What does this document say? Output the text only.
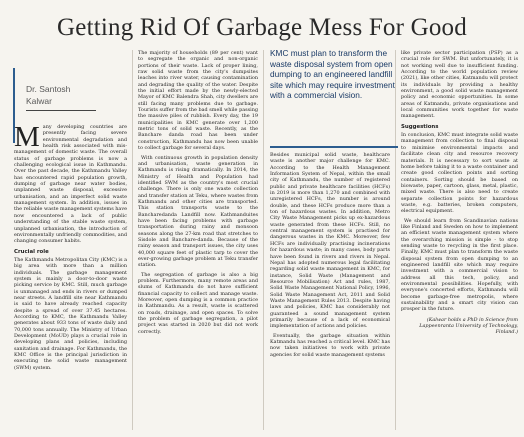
Getting Rid Of Garbage Mess For Good
Dr. Santosh
Kalwar

Many developing countries are presently facing severe environmental degradation and health risk associated with mis-management of domestic waste. The overall status of garbage problems is now a challenging ecological issue in Kathmandu. Over the past decade, the Kathmandu Valley has encountered rapid population growth, dumping of garbage near water bodies, unplanned waste disposal, excessive urbanisation, and an imperfect solid waste management system. In addition, issues in the reliable waste management systems have now encountered a lack of public understanding of the stable waste system, unplanned urbanisation, the introduction of environmentally unfriendly commodities, and changing consumer habits.

Crucial role

The Kathmandu Metropolitan City (KMC) is a big area with more than a million individuals. The garbage management system is mainly a door-to-door waste picking service by KMC. Still, much garbage is unmanaged and ends in rivers or dumped near streets. A landfill site near Kathmandu is said to have already reached capacity despite a spread of over 37.45 hectares. According to KMC, the Kathmandu Valley generates about 933 tons of waste daily and 70,000 tons annually. The Ministry of Urban Development (MoUD) plays a crucial role in developing plans and policies, including sanitation and drainage. For Kathmandu, the KMC Office is the principal jurisdiction in executing the solid waste management (SWM) system.

The majority of households (89 per cent) want to segregate the organic and non-organic portions of their waste. Lack of proper lining, raw solid waste from the city's dumpsites leaches into river water, causing contamination and degrading the quality of the water. Despite the initial effort made by the newly-elected Mayor of KMC Balendra Shah, city dwellers are still facing many problems due to garbage. Tourists suffer from the bad smell while passing the massive piles of rubbish. Every day, the 19 municipalities in KMC generate over 1,200 metric tons of solid waste. Recently, as the Banchare danda road has been under construction, Kathmandu has now been unable to collect garbage for several days.

With continuous growth in population density and urbanisation, waste generation in Kathmandu is rising dramatically. In 2014, the Ministry of Health and Population had identified SWM as the country's most crucial challenge. There is only one waste collection and transfer station at Teku, where wastes from Kathmandu and other cities are transported. This station transports waste to the Bancharedanda Landfill now. Kathmanduites have been facing problems with garbage transportation during rainy and monsoon seasons along the 27-km road that stretches to Sisdole and Banchare-danda. Because of the rainy season and transport issues, the city uses 40,000 square feet of plastic tarp to cover the ever-growing garbage problem at Teku transfer station.

The segregation of garbage is also a big problem. Furthermore, many remote areas and slums of Kathmandu do not have sufficient financial capacity to collect and manage waste. Moreover, open dumping is a common practice in Kathmandu. As a result, waste is scattered on roads, drainage, and open spaces. To solve the problem of garbage segregation, a pilot project was started in 2020 but did not work correctly.

KMC must plan to transform the waste disposal system from open dumping to an engineered landfill site which may require investment with a commercial vision.

Besides municipal solid waste, healthcare waste is another major challenge for KMC. According to the Health Management Information System of Nepal, within the small city of Kathmandu, the number of registered public and private healthcare facilities (HCFs) in 2019 is more than 1,270 and combined with unregistered HCFs, the number is around double, and these HCFs produce more than a ton of hazardous wastes. In addition, Metro City Waste Management picks up ex-hazardous waste generated from these HCFs. Still, no central management system is practised for dangerous wastes in the KMC. Moreover, few HCFs are individually practising incinerations for hazardous waste; in many cases, body parts have been found in rivers and rivers in Nepal. Nepal has adopted numerous legal facilitating regarding solid waste management in KMC, for instance, Solid Waste (Management and Resource Mobilisation) Act and rules, 1987, Solid Waste Management National Policy, 1996, Solid Waste Management Act, 2011 and Solid Waste Management Rules 2013. Despite having laws and policies, KMC has considerably not guaranteed a sound management system primarily because of a lack of economical implementation of actions and policies.

Eventually, the garbage situation within Katmandu has reached a critical level. KMC has now taken initiatives to work with private agencies for solid waste management systems

like private sector participation (PSP) as a crucial role for SWM. But unfortunately, it is not working well due to insufficient funding. According to the world population review (2021), like other cities, Katmandu will protect its individuals by providing a healthy environment, a good solid waste management policy and economic opportunities. In some areas of Katmandu, private organisations and local communities work together for waste management.

Suggestions

In conclusion, KMC must integrate solid waste management from collection to final disposal to minimise environmental impacts and facilitate clean city and resource recovery materials. It is necessary to sort waste at home before taking it to a waste container and create good collection points and sorting containers. Sorting should be based on biowaste, paper, cartoon, glass, metal, plastic, mixed waste. There is also need to create separate collection points for hazardous waste, e.g. batteries, broken computers, electrical equipment.

We should learn from Scandinavian nations like Finland and Sweden on how to implement an efficient waste management system where the overarching mission is simple - to stop sending waste to recycling in the first place. Finally, KMC must plan to transform the waste disposal system from open dumping to an engineered landfill site which may require investment with a commercial vision to address all this tech, policy, and environmental possibilities. Hopefully, with everyone's concerted efforts, Kathmandu will become garbage-free metropolis, where sustainability and a smart city vision can prosper in the future.

(Kalwar holds a PhD in Science from Lappeenranta University of Technology, Finland.)
